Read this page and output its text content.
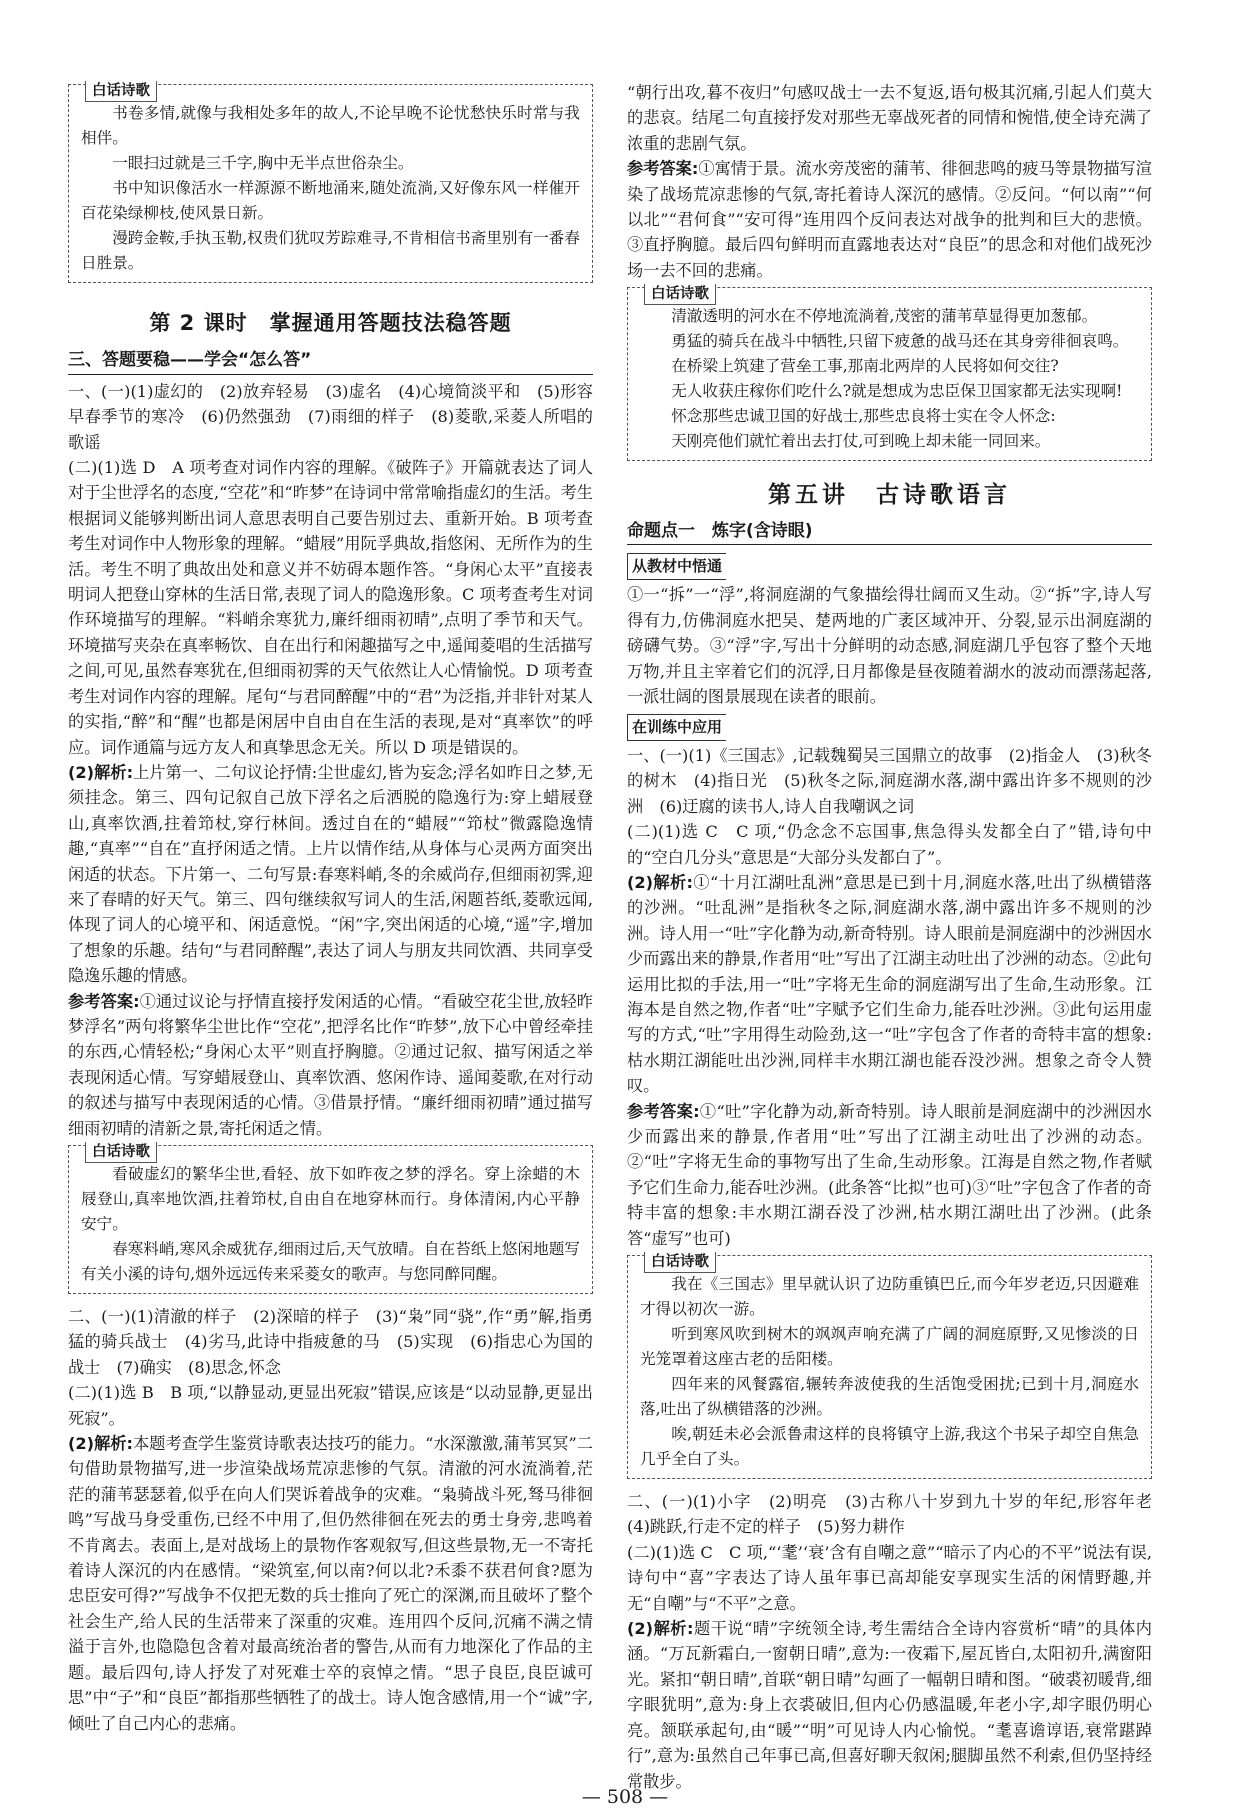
白话诗歌

书卷多情,就像与我相处多年的故人,不论早晚不论忧愁快乐时常与我相伴。

一眼扫过就是三千字,胸中无半点世俗杂尘。

书中知识像活水一样源源不断地涌来,随处流淌,又好像东风一样催开百花染绿柳枝,使风景日新。

漫跨金鞍,手执玉勒,权贵们犹叹芳踪难寻,不肯相信书斋里别有一番春日胜景。

第 2 课时　掌握通用答题技法稳答题
三、答题要稳——学会“怎么答”

一、(一)(1)虚幻的　(2)放弃轻易　(3)虚名　(4)心境简淡平和　(5)形容早春季节的寒冷　(6)仍然强劲　(7)雨细的样子　(8)菱歌,采菱人所唱的歌谣

(二)(1)选 D　A 项考查对词作内容的理解。《破阵子》开篇就表达了词人对于尘世浮名的态度,“空花”和“昨梦”在诗词中常常喻指虚幻的生活。考生根据词义能够判断出词人意思表明自己要告别过去、重新开始。B 项考查考生对词作中人物形象的理解。“蜡屐”用阮孚典故,指悠闲、无所作为的生活。考生不明了典故出处和意义并不妨碍本题作答。“身闲心太平”直接表明词人把登山穿林的生活日常,表现了词人的隐逸形象。C 项考查考生对词作环境描写的理解。“料峭余寒犹力,廉纤细雨初晴”,点明了季节和天气。环境描写夹杂在真率畅饮、自在出行和闲趣描写之中,遥闻菱唱的生活描写之间,可见,虽然春寒犹在,但细雨初霁的天气依然让人心情愉悦。D 项考查考生对词作内容的理解。尾句“与君同醉醒”中的“君”为泛指,并非针对某人的实指,“醉”和“醒”也都是闲居中自由自在生活的表现,是对“真率饮”的呼应。词作通篇与远方友人和真挚思念无关。所以 D 项是错误的。

(2)解析:上片第一、二句议论抒情:尘世虚幻,皆为妄念;浮名如昨日之梦,无须挂念。第三、四句记叙自己放下浮名之后洒脱的隐逸行为:穿上蜡屐登山,真率饮酒,拄着笻杖,穿行林间。透过自在的“蜡屐”“笻杖”微露隐逸情趣,“真率”“自在”直抒闲适之情。上片以情作结,从身体与心灵两方面突出闲适的状态。下片第一、二句写景:春寒料峭,冬的余威尚存,但细雨初霁,迎来了春晴的好天气。第三、四句继续叙写词人的生活,闲题苔纸,菱歌远闻,体现了词人的心境平和、闲适意悦。“闲”字,突出闲适的心境,“遥”字,增加了想象的乐趣。结句“与君同醉醒”,表达了词人与朋友共同饮酒、共同享受隐逸乐趣的情感。

参考答案:①通过议论与抒情直接抒发闲适的心情。“看破空花尘世,放轻昨梦浮名”两句将繁华尘世比作“空花”,把浮名比作“昨梦”,放下心中曾经牵挂的东西,心情轻松;“身闲心太平”则直抒胸臆。②通过记叙、描写闲适之举表现闲适心情。写穿蜡屐登山、真率饮酒、悠闲作诗、遥闻菱歌,在对行动的叙述与描写中表现闲适的心情。③借景抒情。“廉纤细雨初晴”通过描写细雨初晴的清新之景,寄托闲适之情。

白话诗歌

看破虚幻的繁华尘世,看轻、放下如昨夜之梦的浮名。穿上涂蜡的木屐登山,真率地饮酒,拄着笻杖,自由自在地穿林而行。身体清闲,内心平静安宁。

春寒料峭,寒风余威犹存,细雨过后,天气放晴。自在苔纸上悠闲地题写有关小溪的诗句,烟外远远传来采菱女的歌声。与您同醉同醒。

二、(一)(1)清澈的样子　(2)深暗的样子　(3)“枭”同“骁”,作“勇”解,指勇猛的骑兵战士　(4)劣马,此诗中指疲惫的马　(5)实现　(6)指忠心为国的战士　(7)确实　(8)思念,怀念

(二)(1)选 B　B 项,“以静显动,更显出死寂”错误,应该是“以动显静,更显出死寂”。

(2)解析:本题考查学生鉴赏诗歌表达技巧的能力。“水深激激,蒲苇冥冥”二句借助景物描写,进一步渲染战场荒凉悲惨的气氛。清澈的河水流淌着,茫茫的蒲苇瑟瑟着,似乎在向人们哭诉着战争的灾难。“枭骑战斗死,驽马徘徊鸣”写战马身受重伤,已经不中用了,但仍然徘徊在死去的勇士身旁,悲鸣着不肯离去。表面上,是对战场上的景物作客观叙写,但这些景物,无一不寄托着诗人深沉的内在感情。“梁筑室,何以南?何以北?禾黍不获君何食?愿为忠臣安可得?”写战争不仅把无数的兵士推向了死亡的深渊,而且破坏了整个社会生产,给人民的生活带来了深重的灾难。连用四个反问,沉痛不满之情溢于言外,也隐隐包含着对最高统治者的警告,从而有力地深化了作品的主题。最后四句,诗人抒发了对死难士卒的哀悼之情。“思子良臣,良臣诚可思”中“子”和“良臣”都指那些牺牲了的战士。诗人饱含感情,用一个“诚”字,倾吐了自己内心的悲痛。

“朝行出攻,暮不夜归”句感叹战士一去不复返,语句极其沉痛,引起人们莫大的悲哀。结尾二句直接抒发对那些无辜战死者的同情和惋惜,使全诗充满了浓重的悲剧气氛。

参考答案:①寓情于景。流水旁茂密的蒲苇、徘徊悲鸣的疲马等景物描写渲染了战场荒凉悲惨的气氛,寄托着诗人深沉的感情。②反问。“何以南”“何以北”“君何食”“安可得”连用四个反问表达对战争的批判和巨大的悲愤。③直抒胸臆。最后四句鲜明而直露地表达对“良臣”的思念和对他们战死沙场一去不回的悲痛。

白话诗歌

清澈透明的河水在不停地流淌着,茂密的蒲苇草显得更加葱郁。

勇猛的骑兵在战斗中牺牲,只留下疲惫的战马还在其身旁徘徊哀鸣。

在桥梁上筑建了营垒工事,那南北两岸的人民将如何交往?

无人收获庄稼你们吃什么?就是想成为忠臣保卫国家都无法实现啊!

怀念那些忠诚卫国的好战士,那些忠良将士实在令人怀念:

天刚亮他们就忙着出去打仗,可到晚上却未能一同回来。

第五讲　古诗歌语言
命题点一　炼字(含诗眼)
从教材中悟通

①一“拆”一“浮”,将洞庭湖的气象描绘得壮阔而又生动。②“拆”字,诗人写得有力,仿佛洞庭水把吴、楚两地的广袤区域冲开、分裂,显示出洞庭湖的磅礴气势。③“浮”字,写出十分鲜明的动态感,洞庭湖几乎包容了整个天地万物,并且主宰着它们的沉浮,日月都像是昼夜随着湖水的波动而漂荡起落,一派壮阔的图景展现在读者的眼前。

在训练中应用

一、(一)(1)《三国志》,记载魏蜀吴三国鼎立的故事　(2)指金人　(3)秋冬的树木　(4)指日光　(5)秋冬之际,洞庭湖水落,湖中露出许多不规则的沙洲　(6)迂腐的读书人,诗人自我嘲讽之词

(二)(1)选 C　C 项,“仍念念不忘国事,焦急得头发都全白了”错,诗句中的“空白几分头”意思是“大部分头发都白了”。

(2)解析:①“十月江湖吐乱洲”意思是已到十月,洞庭水落,吐出了纵横错落的沙洲。“吐乱洲”是指秋冬之际,洞庭湖水落,湖中露出许多不规则的沙洲。诗人用一“吐”字化静为动,新奇特别。诗人眼前是洞庭湖中的沙洲因水少而露出来的静景,作者用“吐”写出了江湖主动吐出了沙洲的动态。②此句运用比拟的手法,用一“吐”字将无生命的洞庭湖写出了生命,生动形象。江海本是自然之物,作者“吐”字赋予它们生命力,能吞吐沙洲。③此句运用虚写的方式,“吐”字用得生动险劲,这一“吐”字包含了作者的奇特丰富的想象:枯水期江湖能吐出沙洲,同样丰水期江湖也能吞没沙洲。想象之奇令人赞叹。

参考答案:①“吐”字化静为动,新奇特别。诗人眼前是洞庭湖中的沙洲因水少而露出来的静景,作者用“吐”写出了江湖主动吐出了沙洲的动态。②“吐”字将无生命的事物写出了生命,生动形象。江海是自然之物,作者赋予它们生命力,能吞吐沙洲。(此条答“比拟”也可)③“吐”字包含了作者的奇特丰富的想象:丰水期江湖吞没了沙洲,枯水期江湖吐出了沙洲。(此条答“虚写”也可)

白话诗歌

我在《三国志》里早就认识了边防重镇巴丘,而今年岁老迈,只因避难才得以初次一游。

听到寒风吹到树木的飒飒声响充满了广阔的洞庭原野,又见惨淡的日光笼罩着这座古老的岳阳楼。

四年来的风餐露宿,辗转奔波使我的生活饱受困扰;已到十月,洞庭水落,吐出了纵横错落的沙洲。

唉,朝廷未必会派鲁肃这样的良将镇守上游,我这个书呆子却空自焦急几乎全白了头。

二、(一)(1)小字　(2)明亮　(3)古称八十岁到九十岁的年纪,形容年老　(4)跳跃,行走不定的样子　(5)努力耕作

(二)(1)选 C　C 项,“‘耄’‘衰’含有自嘲之意”“暗示了内心的不平”说法有误,诗句中“喜”字表达了诗人虽年事已高却能安享现实生活的闲情野趣,并无“自嘲”与“不平”之意。

(2)解析:题干说“晴”字统领全诗,考生需结合全诗内容赏析“晴”的具体内涵。“万瓦新霜白,一窗朝日晴”,意为:一夜霜下,屋瓦皆白,太阳初升,满窗阳光。紧扣“朝日晴”,首联“朝日晴”勾画了一幅朝日晴和图。“破裘初暖背,细字眼犹明”,意为:身上衣裘破旧,但内心仍感温暖,年老小字,却字眼仍明心亮。颔联承起句,由“暖”“明”可见诗人内心愉悦。“耄喜谵谆语,衰常踸踔行”,意为:虽然自己年事已高,但喜好聊天叙闲;腿脚虽然不利索,但仍坚持经常散步。

— 508 —
